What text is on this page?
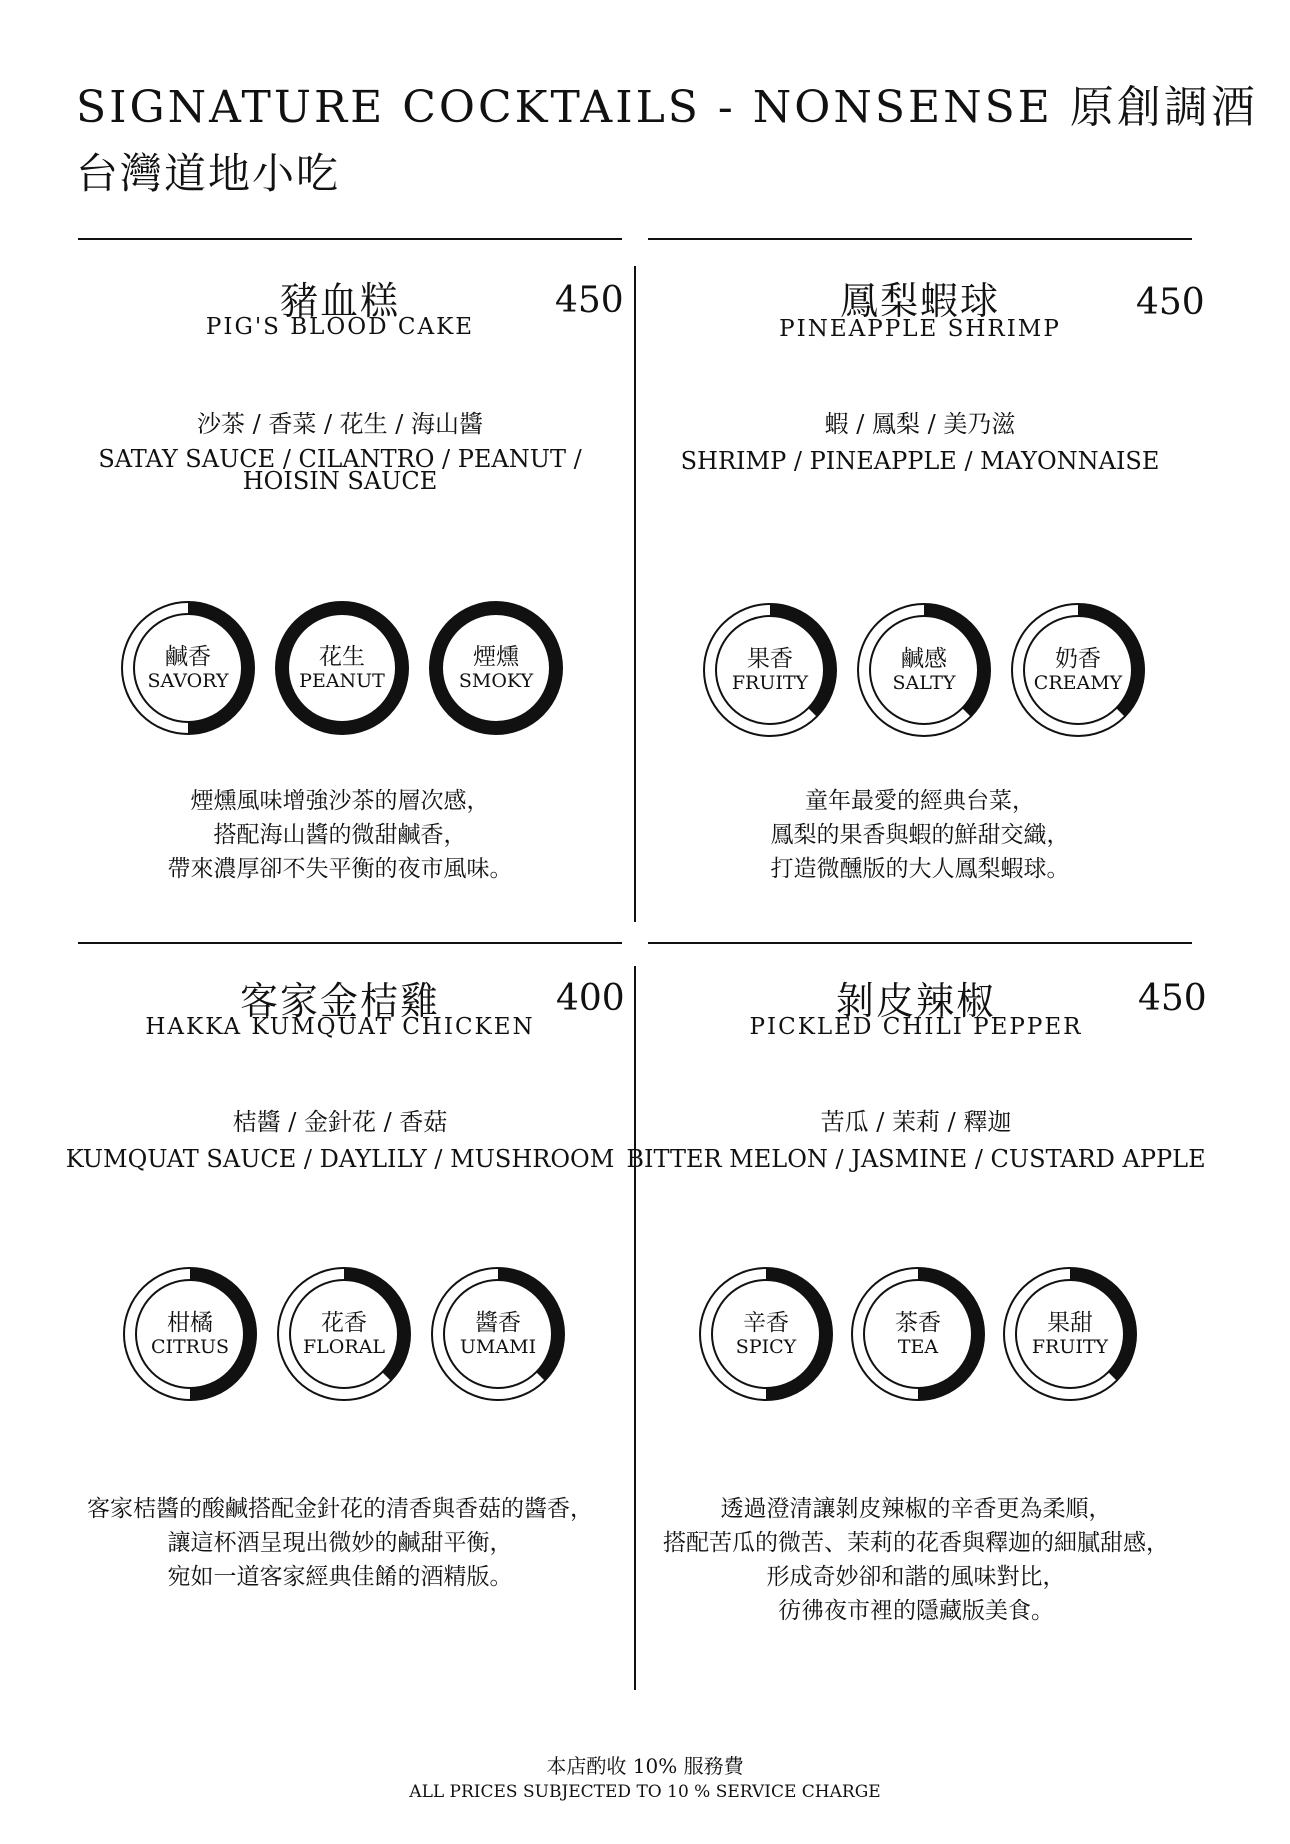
SIGNATURE COCKTAILS - NONSENSE 原創調酒
台灣道地小吃
豬血糕
PIG'S BLOOD CAKE
450
沙茶 / 香菜 / 花生 / 海山醬
SATAY SAUCE / CILANTRO / PEANUT /
HOISIN SAUCE
鹹香
SAVORY
花生
PEANUT
煙燻
SMOKY
煙燻風味增強沙茶的層次感，
搭配海山醬的微甜鹹香，
帶來濃厚卻不失平衡的夜市風味。
鳳梨蝦球
PINEAPPLE SHRIMP
450
蝦 / 鳳梨 / 美乃滋
SHRIMP / PINEAPPLE / MAYONNAISE
果香
FRUITY
鹹感
SALTY
奶香
CREAMY
童年最愛的經典台菜，
鳳梨的果香與蝦的鮮甜交織，
打造微醺版的大人鳳梨蝦球。
客家金桔雞
HAKKA KUMQUAT CHICKEN
400
桔醬 / 金針花 / 香菇
KUMQUAT SAUCE / DAYLILY / MUSHROOM
柑橘
CITRUS
花香
FLORAL
醬香
UMAMI
客家桔醬的酸鹹搭配金針花的清香與香菇的醬香，
讓這杯酒呈現出微妙的鹹甜平衡，
宛如一道客家經典佳餚的酒精版。
剝皮辣椒
PICKLED CHILI PEPPER
450
苦瓜 / 茉莉 / 釋迦
BITTER MELON / JASMINE / CUSTARD APPLE
辛香
SPICY
茶香
TEA
果甜
FRUITY
透過澄清讓剝皮辣椒的辛香更為柔順，
搭配苦瓜的微苦、茉莉的花香與釋迦的細膩甜感，
形成奇妙卻和諧的風味對比，
彷彿夜市裡的隱藏版美食。
本店酌收 10% 服務費
ALL PRICES SUBJECTED TO 10 % SERVICE CHARGE
